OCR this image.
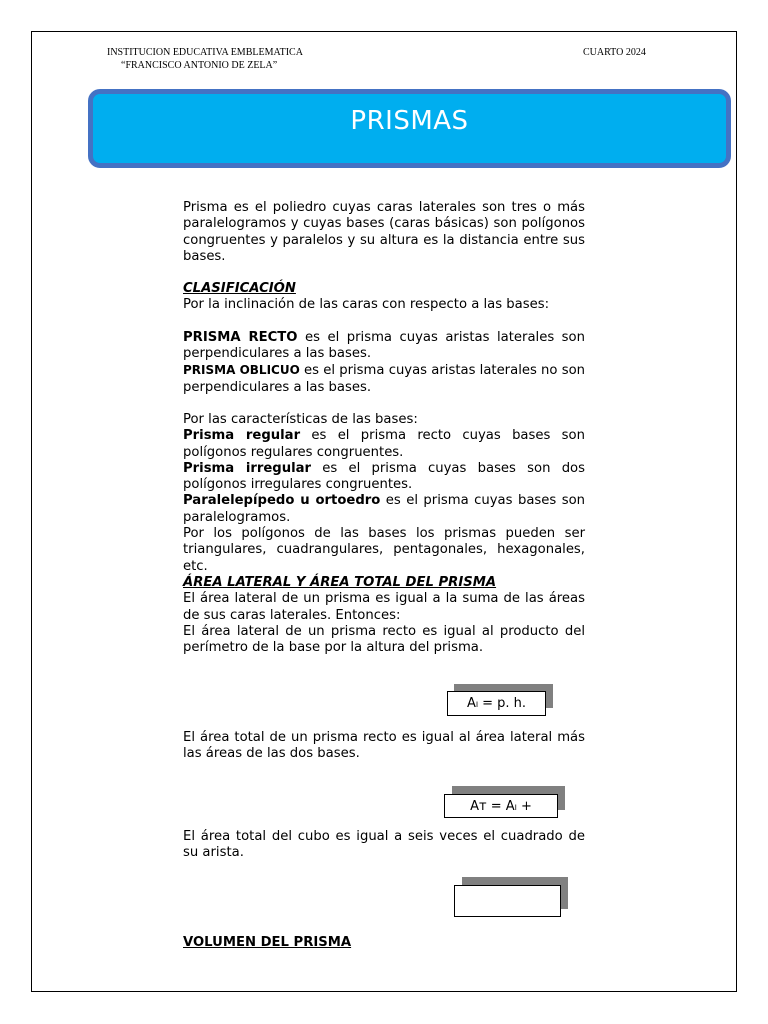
INSTITUCION EDUCATIVA EMBLEMATICA
“FRANCISCO ANTONIO DE ZELA”
CUARTO 2024
PRISMAS

Prisma es el poliedro cuyas caras laterales son tres o más paralelogramos y cuyas bases (caras básicas) son polígonos congruentes y paralelos y su altura es la distancia entre sus bases.

CLASIFICACIÓN

Por la inclinación de las caras con respecto a las bases:

PRISMA RECTO es el prisma cuyas aristas laterales son perpendiculares a las bases.

PRISMA OBLICUO es el prisma cuyas aristas laterales no son perpendiculares a las bases.

Por las características de las bases:

Prisma regular es el prisma recto cuyas bases son polígonos regulares congruentes.

Prisma irregular es el prisma cuyas bases son dos polígonos irregulares congruentes.

Paralelepípedo u ortoedro es el prisma cuyas bases son paralelogramos.

Por los polígonos de las bases los prismas pueden ser triangulares, cuadrangulares, pentagonales, hexagonales, etc.

ÁREA LATERAL Y ÁREA TOTAL DEL PRISMA

El área lateral de un prisma es igual a la suma de las áreas de sus caras laterales. Entonces:

El área lateral de un prisma recto es igual al producto del perímetro de la base por la altura del prisma.

Aₗ = p. h.

El área total de un prisma recto es igual al área lateral más las áreas de las dos bases.

Aᴛ = Aₗ +

El área total del cubo es igual a seis veces el cuadrado de su arista.

VOLUMEN DEL PRISMA
